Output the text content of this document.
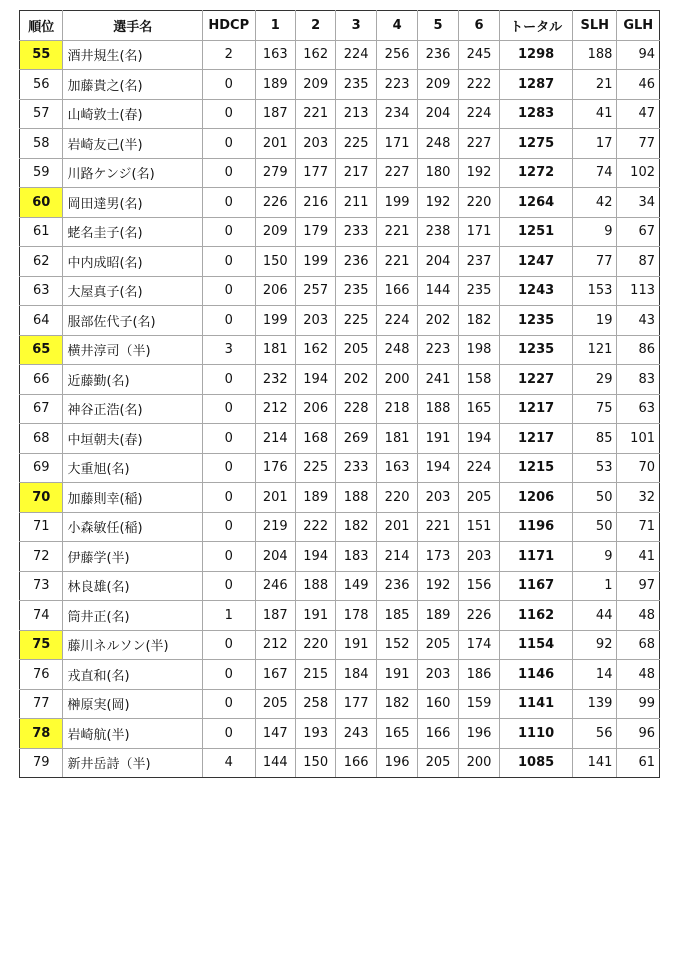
順位	選手名	HDCP	1	2	3	4	5	6	トータル	SLH	GLH
55	酒井規生(名)	2	163	162	224	256	236	245	1298	188	94
56	加藤貴之(名)	0	189	209	235	223	209	222	1287	21	46
57	山崎敦士(春)	0	187	221	213	234	204	224	1283	41	47
58	岩崎友己(半)	0	201	203	225	171	248	227	1275	17	77
59	川路ケンジ(名)	0	279	177	217	227	180	192	1272	74	102
60	岡田達男(名)	0	226	216	211	199	192	220	1264	42	34
61	蛯名圭子(名)	0	209	179	233	221	238	171	1251	9	67
62	中内成昭(名)	0	150	199	236	221	204	237	1247	77	87
63	大屋真子(名)	0	206	257	235	166	144	235	1243	153	113
64	服部佐代子(名)	0	199	203	225	224	202	182	1235	19	43
65	横井淳司（半)	3	181	162	205	248	223	198	1235	121	86
66	近藤勤(名)	0	232	194	202	200	241	158	1227	29	83
67	神谷正浩(名)	0	212	206	228	218	188	165	1217	75	63
68	中垣朝夫(春)	0	214	168	269	181	191	194	1217	85	101
69	大重旭(名)	0	176	225	233	163	194	224	1215	53	70
70	加藤則幸(稲)	0	201	189	188	220	203	205	1206	50	32
71	小森敏任(稲)	0	219	222	182	201	221	151	1196	50	71
72	伊藤学(半)	0	204	194	183	214	173	203	1171	9	41
73	林良雄(名)	0	246	188	149	236	192	156	1167	1	97
74	筒井正(名)	1	187	191	178	185	189	226	1162	44	48
75	藤川ネルソン(半)	0	212	220	191	152	205	174	1154	92	68
76	戎直和(名)	0	167	215	184	191	203	186	1146	14	48
77	榊原実(岡)	0	205	258	177	182	160	159	1141	139	99
78	岩崎航(半)	0	147	193	243	165	166	196	1110	56	96
79	新井岳詩（半)	4	144	150	166	196	205	200	1085	141	61
